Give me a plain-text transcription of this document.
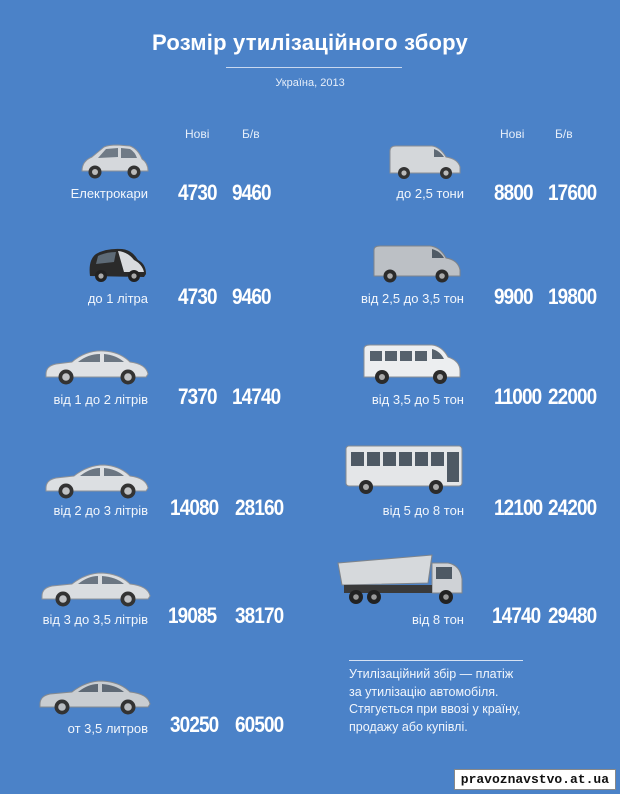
Розмір утилізаційного збору
Україна, 2013
Нові	Б/в	Нові	Б/в
Електрокари 4730 9460
до 1 літра 4730 9460
від 1 до 2 літрів 7370 14740
від 2 до 3 літрів 14080 28160
від 3 до 3,5 літрів 19085 38170
от 3,5 литров 30250 60500
до 2,5 тони 8800 17600
від 2,5 до 3,5 тон 9900 19800
від 3,5 до 5 тон 11000 22000
від 5 до 8 тон 12100 24200
від 8 тон 14740 29480
Утилізаційний збір — платіж
за утилізацію автомобіля.
Стягується при ввозі у країну,
продажу або купівлі.
pravoznavstvo.at.ua
